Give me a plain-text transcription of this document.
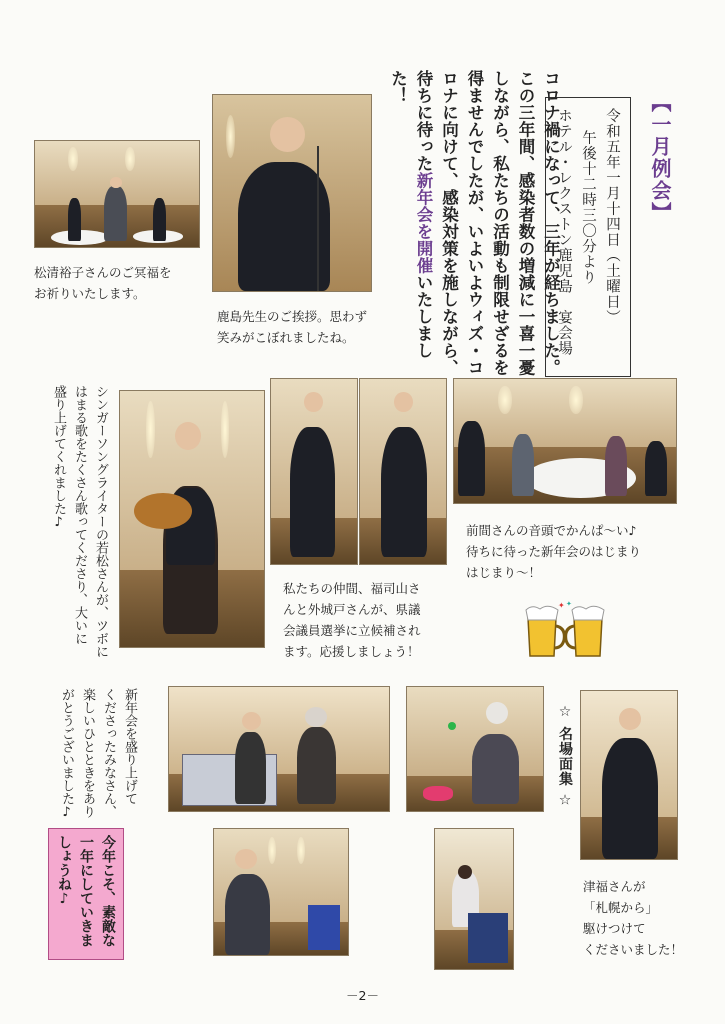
【一月例会】
令和五年一月十四日（土曜日）
午後十二時三〇分より
ホテル・レクストン鹿児島　宴会場
コロナ禍になって、三年が経ちました。
この三年間、感染者数の増減に一喜一憂
しながら、私たちの活動も制限せざるを
得ませんでしたが、いよいよウィズ・コ
ロナに向けて、感染対策を施しながら、
待ちに待った新年会を開催いたしまし
た！
松清裕子さんのご冥福を
お祈りいたします。
鹿島先生のご挨拶。思わず
笑みがこぼれましたね。
シンガーソングライターの若松さんが、ツボに
はまる歌をたくさん歌ってくださり、大いに
盛り上げてくれました♪
私たちの仲間、福司山さ
んと外城戸さんが、県議
会議員選挙に立候補され
ます。応援しましょう！
前間さんの音頭でかんぱ～い♪
待ちに待った新年会のはじまり
はじまり～！
✦ ✦
新年会を盛り上げて
くださったみなさん、
楽しいひとときをあり
がとうございました♪
今年こそ、素敵な
一年にしていきま
しょうね♪
☆ 名場面集 ☆
津福さんが
「札幌から」
駆けつけて
くださいました！
－2－
